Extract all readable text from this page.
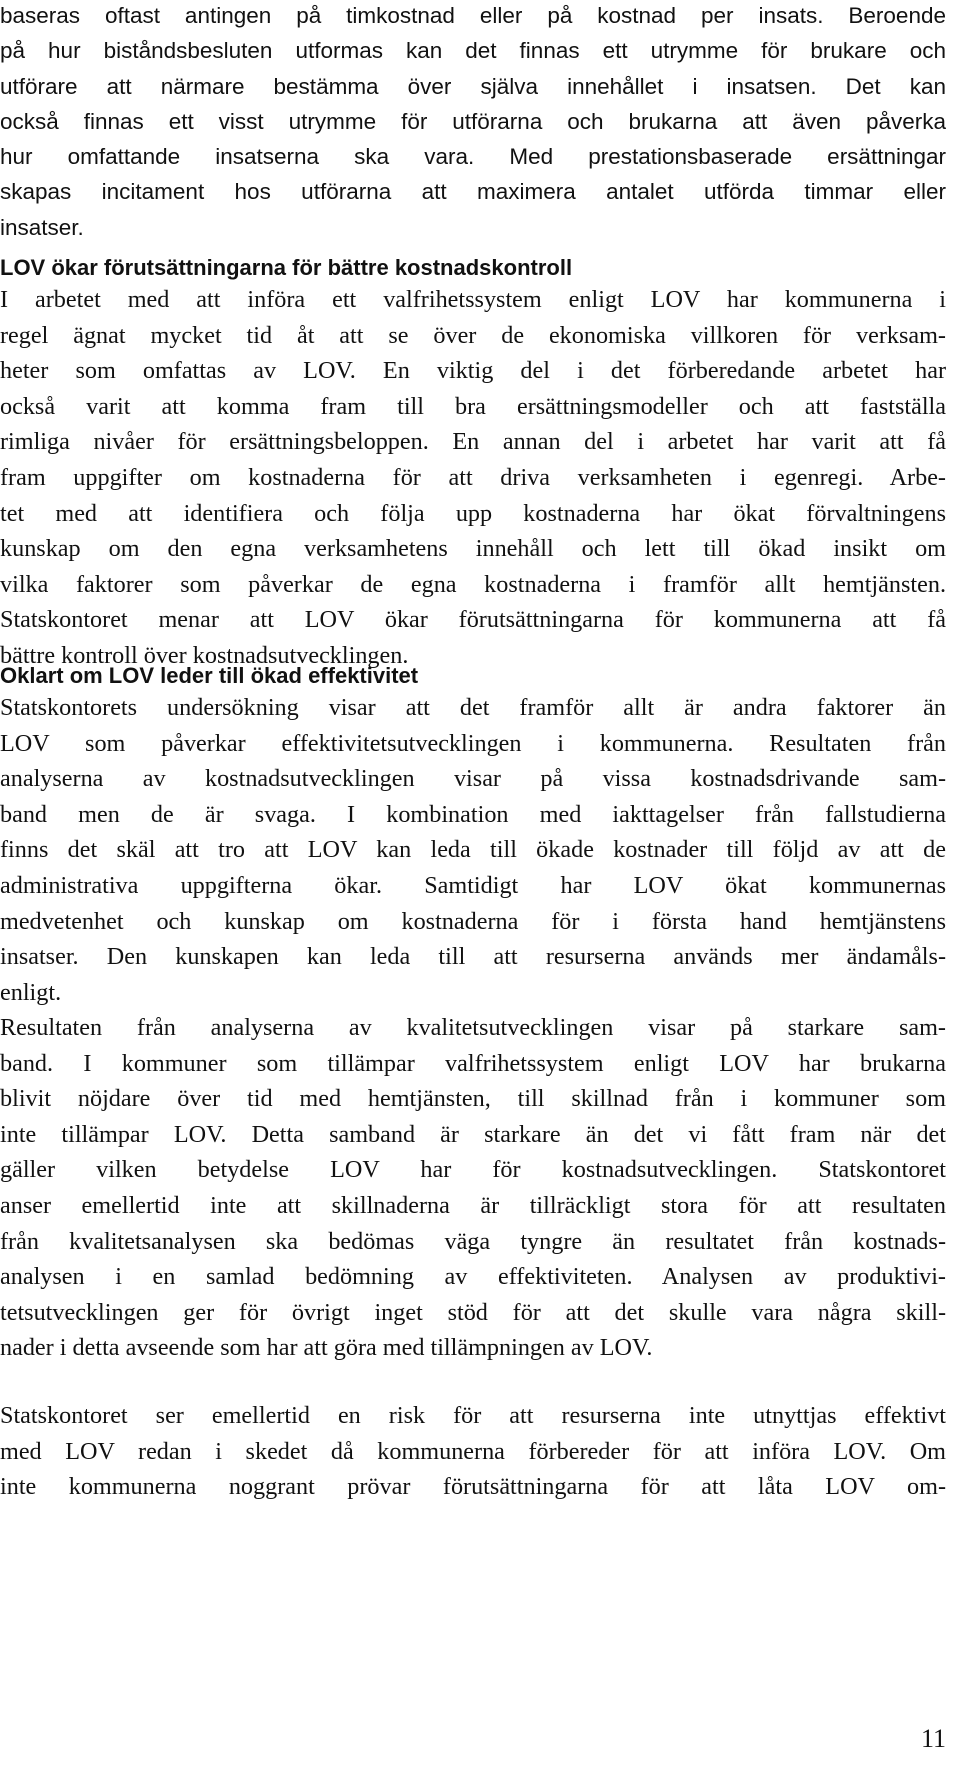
baseras oftast antingen på timkostnad eller på kostnad per insats. Beroende
på hur biståndsbesluten utformas kan det finnas ett utrymme för brukare och
utförare att närmare bestämma över själva innehållet i insatsen. Det kan
också finnas ett visst utrymme för utförarna och brukarna att även påverka
hur omfattande insatserna ska vara. Med prestationsbaserade ersättningar
skapas incitament hos utförarna att maximera antalet utförda timmar eller
insatser.
LOV ökar förutsättningarna för bättre kostnadskontroll
I arbetet med att införa ett valfrihetssystem enligt LOV har kommunerna i
regel ägnat mycket tid åt att se över de ekonomiska villkoren för verksam-
heter som omfattas av LOV. En viktig del i det förberedande arbetet har
också varit att komma fram till bra ersättningsmodeller och att fastställa
rimliga nivåer för ersättningsbeloppen. En annan del i arbetet har varit att få
fram uppgifter om kostnaderna för att driva verksamheten i egenregi. Arbe-
tet med att identifiera och följa upp kostnaderna har ökat förvaltningens
kunskap om den egna verksamhetens innehåll och lett till ökad insikt om
vilka faktorer som påverkar de egna kostnaderna i framför allt hemtjänsten.
Statskontoret menar att LOV ökar förutsättningarna för kommunerna att få
bättre kontroll över kostnadsutvecklingen.
Oklart om LOV leder till ökad effektivitet
Statskontorets undersökning visar att det framför allt är andra faktorer än
LOV som påverkar effektivitetsutvecklingen i kommunerna. Resultaten från
analyserna av kostnadsutvecklingen visar på vissa kostnadsdrivande sam-
band men de är svaga. I kombination med iakttagelser från fallstudierna
finns det skäl att tro att LOV kan leda till ökade kostnader till följd av att de
administrativa uppgifterna ökar. Samtidigt har LOV ökat kommunernas
medvetenhet och kunskap om kostnaderna för i första hand hemtjänstens
insatser. Den kunskapen kan leda till att resurserna används mer ändamåls-
enligt.
Resultaten från analyserna av kvalitetsutvecklingen visar på starkare sam-
band. I kommuner som tillämpar valfrihetssystem enligt LOV har brukarna
blivit nöjdare över tid med hemtjänsten, till skillnad från i kommuner som
inte tillämpar LOV. Detta samband är starkare än det vi fått fram när det
gäller vilken betydelse LOV har för kostnadsutvecklingen. Statskontoret
anser emellertid inte att skillnaderna är tillräckligt stora för att resultaten
från kvalitetsanalysen ska bedömas väga tyngre än resultatet från kostnads-
analysen i en samlad bedömning av effektiviteten. Analysen av produktivi-
tetsutvecklingen ger för övrigt inget stöd för att det skulle vara några skill-
nader i detta avseende som har att göra med tillämpningen av LOV.
Statskontoret ser emellertid en risk för att resurserna inte utnyttjas effektivt
med LOV redan i skedet då kommunerna förbereder för att införa LOV. Om
inte kommunerna noggrant prövar förutsättningarna för att låta LOV om-
11
